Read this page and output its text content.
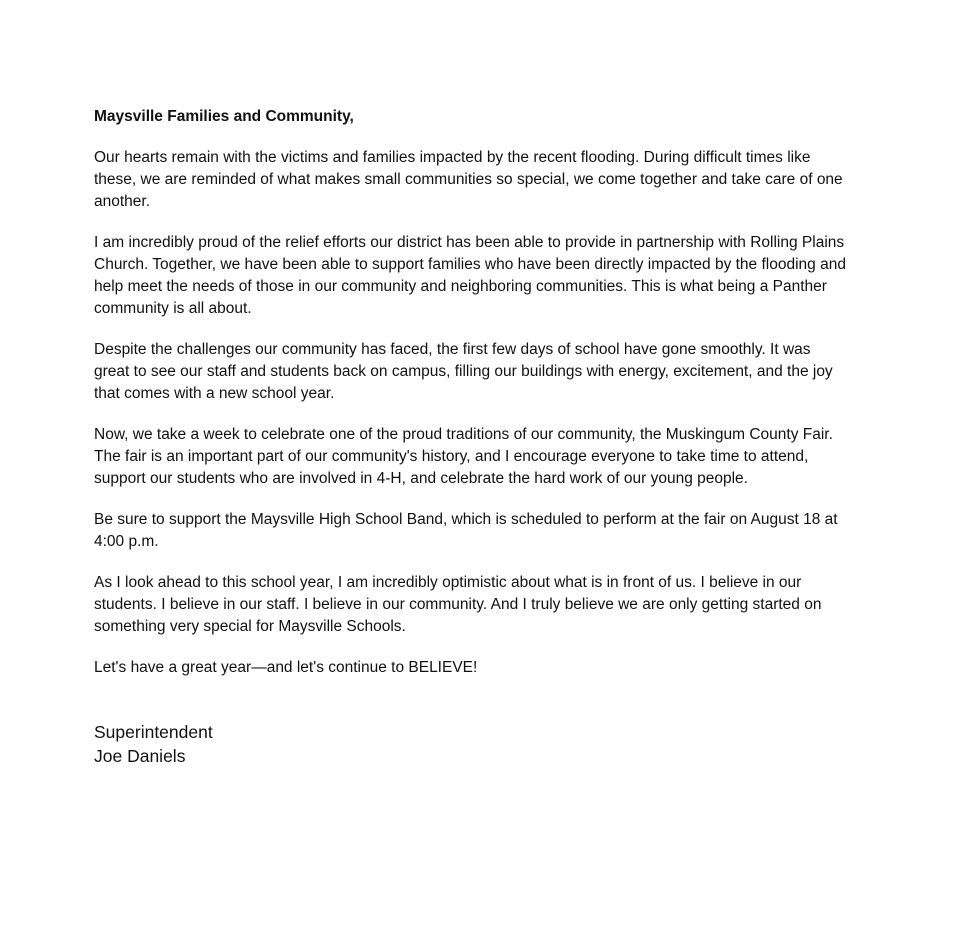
Maysville Families and Community,

Our hearts remain with the victims and families impacted by the recent flooding. During difficult times like these, we are reminded of what makes small communities so special, we come together and take care of one another.

I am incredibly proud of the relief efforts our district has been able to provide in partnership with Rolling Plains Church. Together, we have been able to support families who have been directly impacted by the flooding and help meet the needs of those in our community and neighboring communities. This is what being a Panther community is all about.

Despite the challenges our community has faced, the first few days of school have gone smoothly. It was great to see our staff and students back on campus, filling our buildings with energy, excitement, and the joy that comes with a new school year.

Now, we take a week to celebrate one of the proud traditions of our community, the Muskingum County Fair. The fair is an important part of our community's history, and I encourage everyone to take time to attend, support our students who are involved in 4-H, and celebrate the hard work of our young people.

Be sure to support the Maysville High School Band, which is scheduled to perform at the fair on August 18 at 4:00 p.m.

As I look ahead to this school year, I am incredibly optimistic about what is in front of us. I believe in our students. I believe in our staff. I believe in our community. And I truly believe we are only getting started on something very special for Maysville Schools.

Let's have a great year—and let's continue to BELIEVE!

Superintendent
Joe Daniels
